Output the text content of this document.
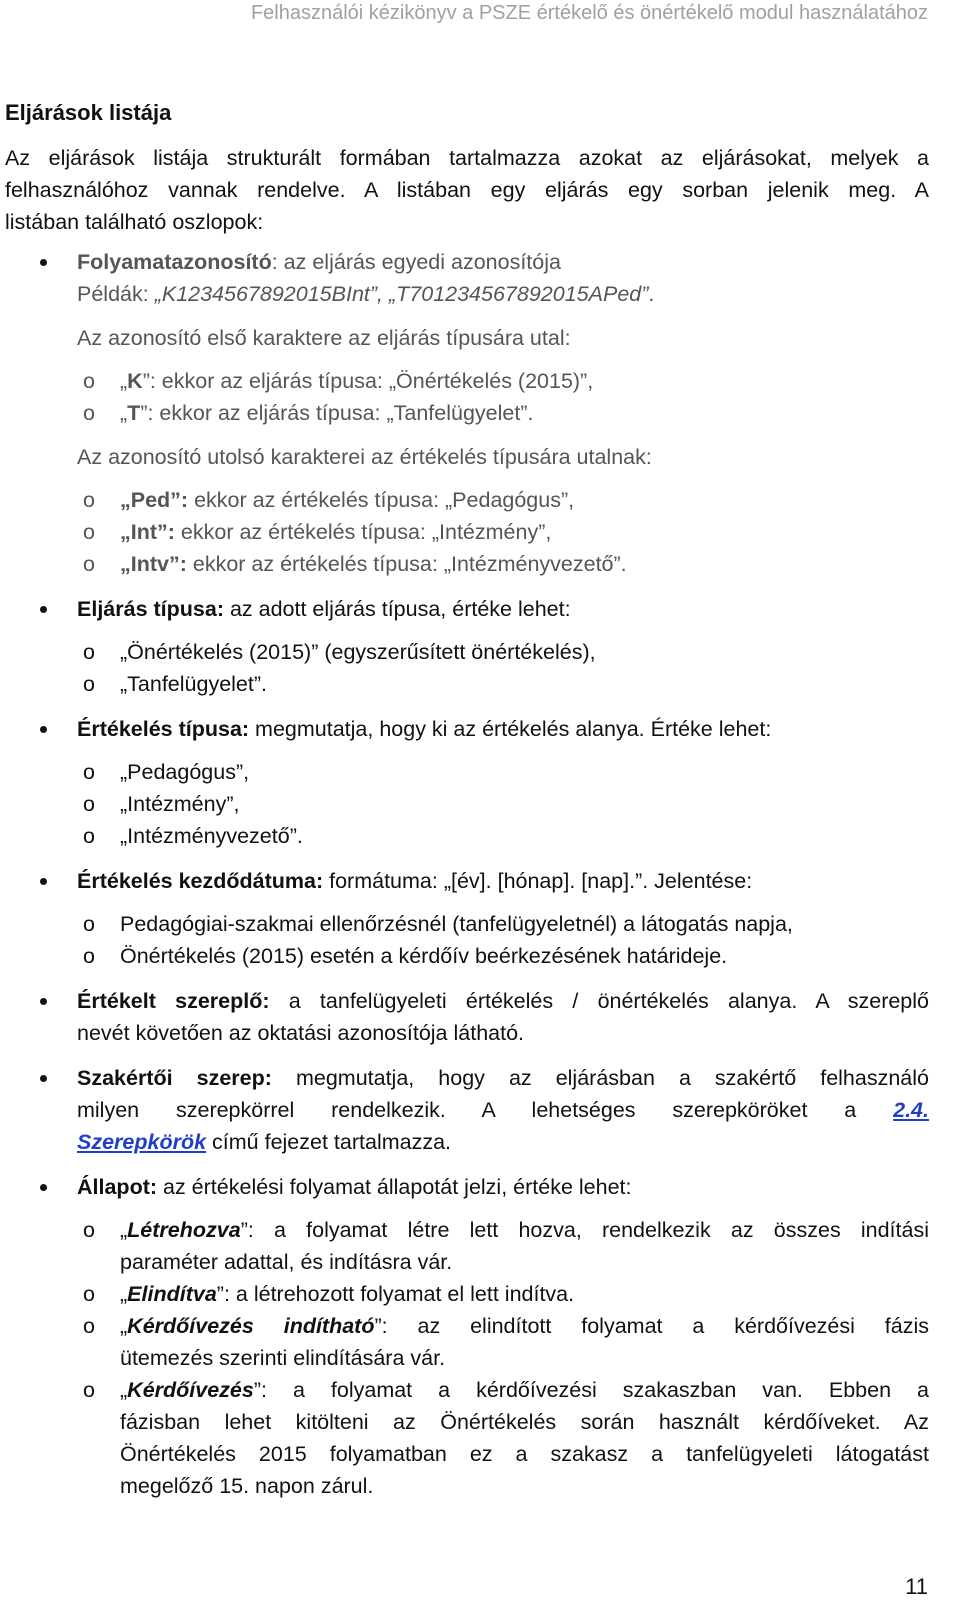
Felhasználói kézikönyv a PSZE értékelő és önértékelő modul használatához
Eljárások listája

Az eljárások listája strukturált formában tartalmazza azokat az eljárásokat, melyek a
felhasználóhoz vannak rendelve. A listában egy eljárás egy sorban jelenik meg. A
listában található oszlopok:

Folyamatazonosító: az eljárás egyedi azonosítója
Példák: „K1234567892015BInt”, „T701234567892015APed”.
Az azonosító első karaktere az eljárás típusára utal:
o „K”: ekkor az eljárás típusa: „Önértékelés (2015)”,
o „T”: ekkor az eljárás típusa: „Tanfelügyelet”.
Az azonosító utolsó karakterei az értékelés típusára utalnak:
o „Ped”: ekkor az értékelés típusa: „Pedagógus”,
o „Int”: ekkor az értékelés típusa: „Intézmény”,
o „Intv”: ekkor az értékelés típusa: „Intézményvezető”.
Eljárás típusa: az adott eljárás típusa, értéke lehet:
o „Önértékelés (2015)” (egyszerűsített önértékelés),
o „Tanfelügyelet”.
Értékelés típusa: megmutatja, hogy ki az értékelés alanya. Értéke lehet:
o „Pedagógus”,
o „Intézmény”,
o „Intézményvezető”.
Értékelés kezdődátuma: formátuma: „[év]. [hónap]. [nap].”. Jelentése:
o Pedagógiai-szakmai ellenőrzésnél (tanfelügyeletnél) a látogatás napja,
o Önértékelés (2015) esetén a kérdőív beérkezésének határideje.
Értékelt szereplő: a tanfelügyeleti értékelés / önértékelés alanya. A szereplő
nevét követően az oktatási azonosítója látható.
Szakértői szerep: megmutatja, hogy az eljárásban a szakértő felhasználó
milyen szerepkörrel rendelkezik. A lehetséges szerepköröket a 2.4.
Szerepkörök című fejezet tartalmazza.
Állapot: az értékelési folyamat állapotát jelzi, értéke lehet:
o „Létrehozva”: a folyamat létre lett hozva, rendelkezik az összes indítási
paraméter adattal, és indításra vár.
o „Elindítva”: a létrehozott folyamat el lett indítva.
o „Kérdőívezés indítható”: az elindított folyamat a kérdőívezési fázis
ütemezés szerinti elindítására vár.
o „Kérdőívezés”: a folyamat a kérdőívezési szakaszban van. Ebben a
fázisban lehet kitölteni az Önértékelés során használt kérdőíveket. Az
Önértékelés 2015 folyamatban ez a szakasz a tanfelügyeleti látogatást
megelőző 15. napon zárul.
11
